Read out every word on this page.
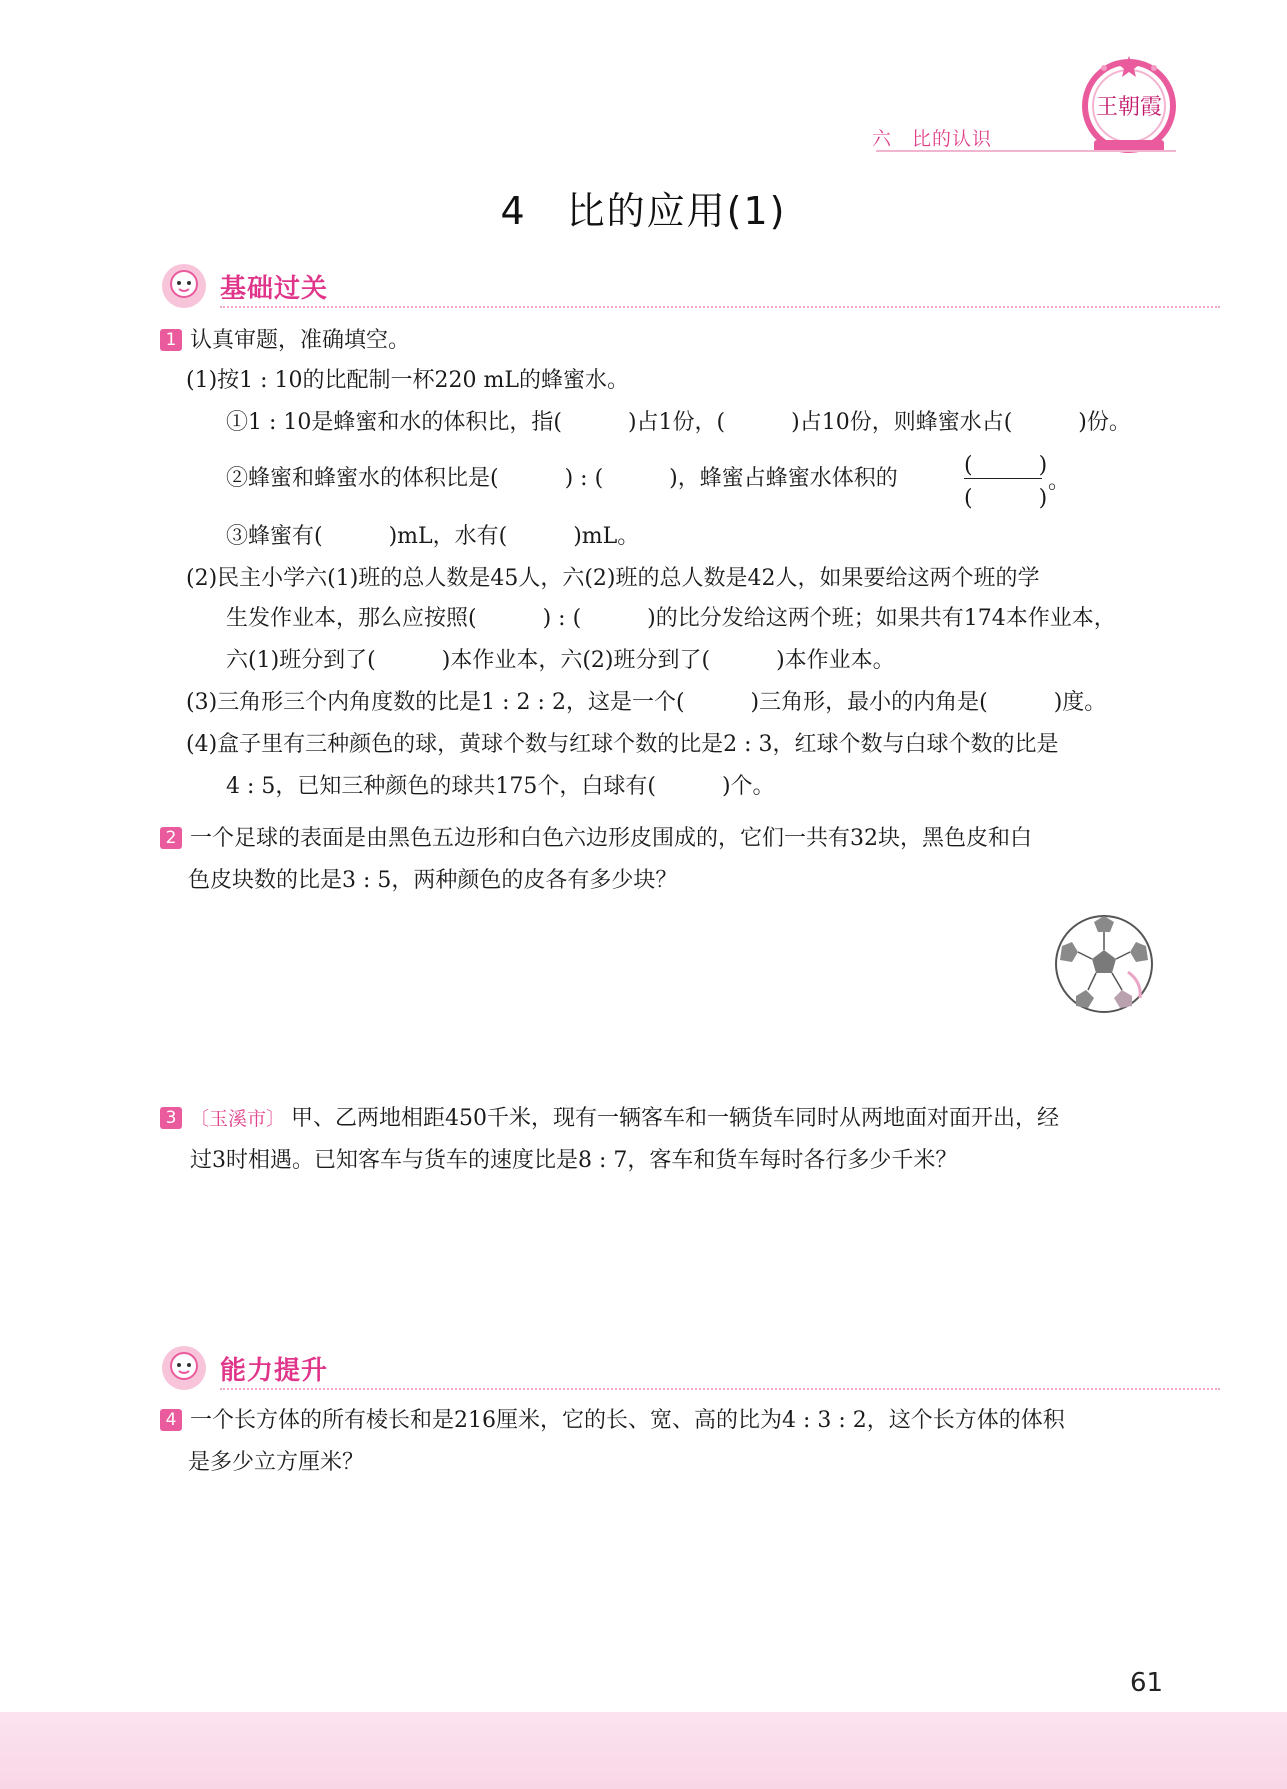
王朝霞
六　比的认识
4　比的应用(1)
基础过关
1 认真审题，准确填空。
(1)按1 : 10的比配制一杯220 mL的蜂蜜水。
①1 : 10是蜂蜜和水的体积比，指(　　　)占1份，(　　　)占10份，则蜂蜜水占(　　　)份。
②蜂蜜和蜂蜜水的体积比是(　　　) : (　　　)，蜂蜜占蜂蜜水体积的
(　　　)
(　　　)
。
③蜂蜜有(　　　)mL，水有(　　　)mL。
(2)民主小学六(1)班的总人数是45人，六(2)班的总人数是42人，如果要给这两个班的学
生发作业本，那么应按照(　　　) : (　　　)的比分发给这两个班；如果共有174本作业本，
六(1)班分到了(　　　)本作业本，六(2)班分到了(　　　)本作业本。
(3)三角形三个内角度数的比是1 : 2 : 2，这是一个(　　　)三角形，最小的内角是(　　　)度。
(4)盒子里有三种颜色的球，黄球个数与红球个数的比是2 : 3，红球个数与白球个数的比是
4 : 5，已知三种颜色的球共175个，白球有(　　　)个。
2 一个足球的表面是由黑色五边形和白色六边形皮围成的，它们一共有32块，黑色皮和白
色皮块数的比是3 : 5，两种颜色的皮各有多少块？
3 〔玉溪市〕 甲、乙两地相距450千米，现有一辆客车和一辆货车同时从两地面对面开出，经
过3时相遇。已知客车与货车的速度比是8 : 7，客车和货车每时各行多少千米？
能力提升
4 一个长方体的所有棱长和是216厘米，它的长、宽、高的比为4 : 3 : 2，这个长方体的体积
是多少立方厘米？
61
